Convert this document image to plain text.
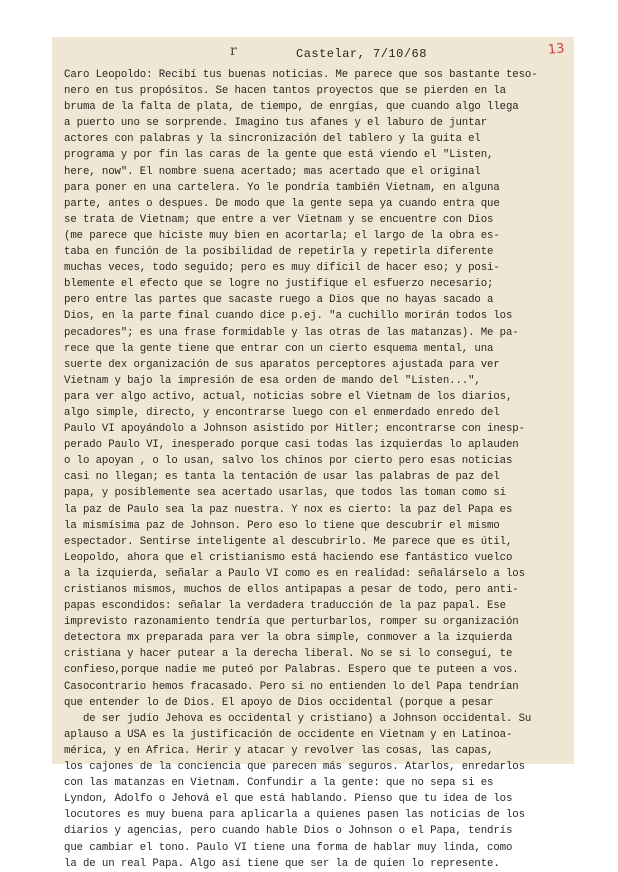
r	Castelar, 7/10/68	13
Caro Leopoldo: Recibí tus buenas noticias. Me parece que sos bastante teso-
nero en tus propósitos. Se hacen tantos proyectos que se pierden en la
bruma de la falta de plata, de tiempo, de enrgías, que cuando algo llega
a puerto uno se sorprende. Imagino tus afanes y el laburo de juntar
actores con palabras y la sincronización del tablero y la guita el
programa y por fin las caras de la gente que está viendo el "Listen,
here, now". El nombre suena acertado; mas acertado que el original
para poner en una cartelera. Yo le pondría también Vietnam, en alguna
parte, antes o despues. De modo que la gente sepa ya cuando entra que
se trata de Vietnam; que entre a ver Vietnam y se encuentre con Dios
(me parece que hiciste muy bien en acortarla; el largo de la obra es-
taba en función de la posibilidad de repetirla y repetirla diferente
muchas veces, todo seguido; pero es muy difícil de hacer eso; y posi-
blemente el efecto que se logre no justifique el esfuerzo necesario;
pero entre las partes que sacaste ruego a Dios que no hayas sacado a
Dios, en la parte final cuando dice p.ej. "a cuchillo morirán todos los
pecadores"; es una frase formidable y las otras de las matanzas). Me pa-
rece que la gente tiene que entrar con un cierto esquema mental, una
suerte dex organización de sus aparatos perceptores ajustada para ver
Vietnam y bajo la impresión de esa orden de mando del "Listen...",
para ver algo activo, actual, noticias sobre el Vietnam de los diarios,
algo simple, directo, y encontrarse luego con el enmerdado enredo del
Paulo VI apoyándolo a Johnson asistido por Hitler; encontrarse con inesp-
perado Paulo VI, inesperado porque casi todas las izquierdas lo aplauden
o lo apoyan , o lo usan, salvo los chinos por cierto pero esas noticias
casi no llegan; es tanta la tentación de usar las palabras de paz del
papa, y posiblemente sea acertado usarlas, que todos las toman como si
la paz de Paulo sea la paz nuestra. Y nox es cierto: la paz del Papa es
la mismísima paz de Johnson. Pero eso lo tiene que descubrir el mismo
espectador. Sentirse inteligente al descubrirlo. Me parece que es útil,
Leopoldo, ahora que el cristianismo está haciendo ese fantástico vuelco
a la izquierda, señalar a Paulo VI como es en realidad: señalárselo a los
cristianos mismos, muchos de ellos antipapas a pesar de todo, pero anti-
papas escondidos: señalar la verdadera traducción de la paz papal. Ese
imprevisto razonamiento tendría que perturbarlos, romper su organización
detectora mx preparada para ver la obra simple, conmover a la izquierda
cristiana y hacer putear a la derecha liberal. No se si lo conseguí, te
confieso,porque nadie me puteó por Palabras. Espero que te puteen a vos.
Casocontrario hemos fracasado. Pero si no entienden lo del Papa tendrían
que entender lo de Dios. El apoyo de Dios occidental (porque a pesar
de ser judío Jehova es occidental y cristiano) a Johnson occidental. Su
aplauso a USA es la justificación de occidente en Vietnam y en Latinoa-
mérica, y en Africa. Herir y atacar y revolver las cosas, las capas,
los cajones de la conciencia que parecen más seguros. Atarlos, enredarlos
con las matanzas en Vietnam. Confundir a la gente: que no sepa si es
Lyndon, Adolfo o Jehová el que está hablando. Pienso que tu idea de los
locutores es muy buena para aplicarla a quienes pasen las noticias de los
diarios y agencias, pero cuando hable Dios o Johnson o el Papa, tendrís
que cambiar el tono. Paulo VI tiene una forma de hablar muy linda, como
la de un real Papa. Algo así tiene que ser la de quien lo represente.
